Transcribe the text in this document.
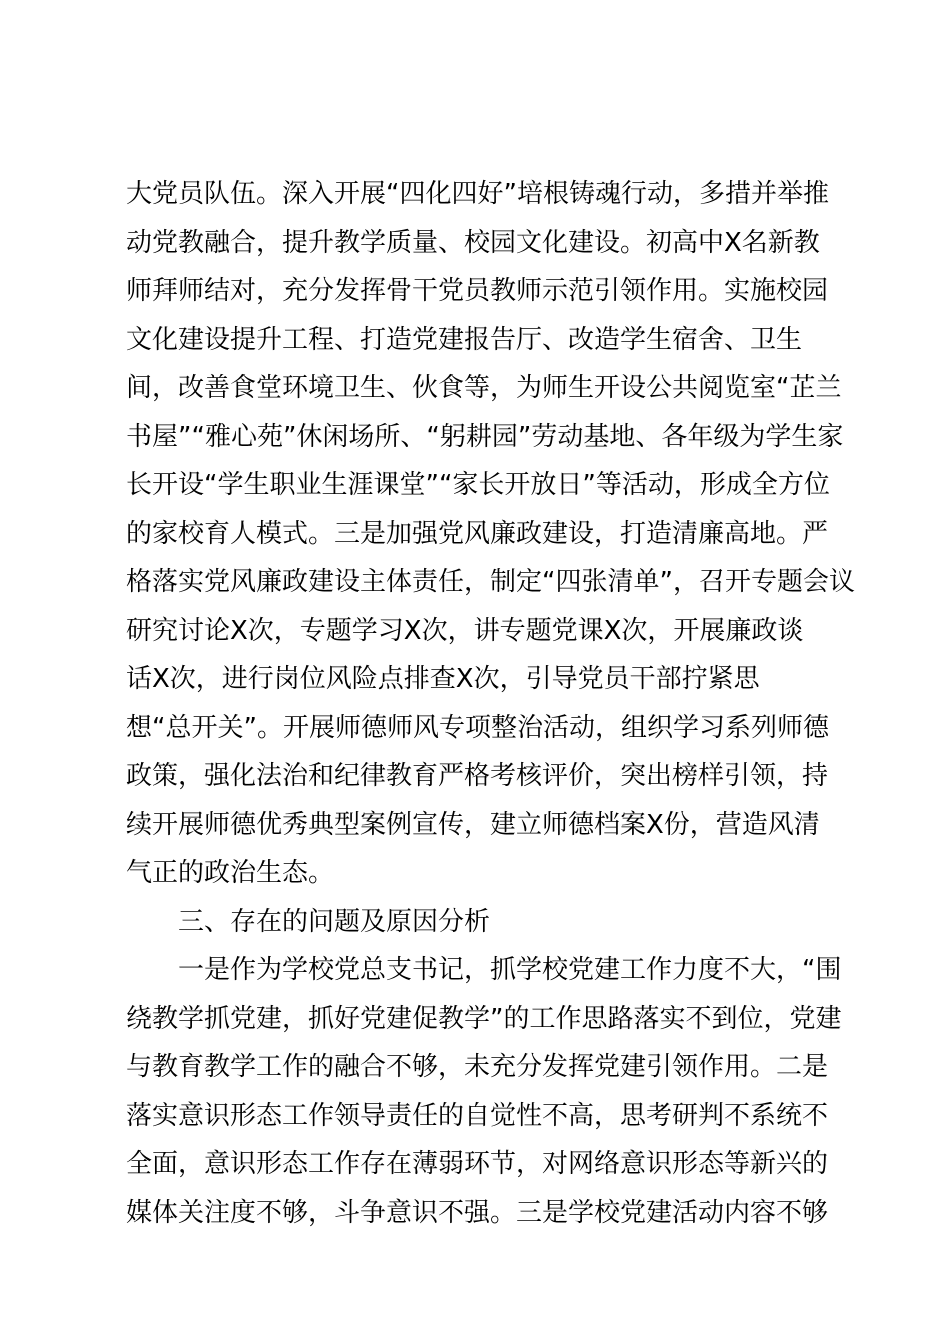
大党员队伍。深入开展“四化四好”培根铸魂行动，多措并举推
动党教融合，提升教学质量、校园文化建设。初高中X名新教
师拜师结对，充分发挥骨干党员教师示范引领作用。实施校园
文化建设提升工程、打造党建报告厅、改造学生宿舍、卫生
间，改善食堂环境卫生、伙食等，为师生开设公共阅览室“芷兰
书屋”“雅心苑”休闲场所、“躬耕园”劳动基地、各年级为学生家
长开设“学生职业生涯课堂”“家长开放日”等活动，形成全方位
的家校育人模式。三是加强党风廉政建设，打造清廉高地。严
格落实党风廉政建设主体责任，制定“四张清单”，召开专题会议
研究讨论X次，专题学习X次，讲专题党课X次，开展廉政谈
话X次，进行岗位风险点排查X次，引导党员干部拧紧思
想“总开关”。开展师德师风专项整治活动，组织学习系列师德
政策，强化法治和纪律教育严格考核评价，突出榜样引领，持
续开展师德优秀典型案例宣传，建立师德档案X份，营造风清
气正的政治生态。
三、存在的问题及原因分析
一是作为学校党总支书记，抓学校党建工作力度不大，“围
绕教学抓党建，抓好党建促教学”的工作思路落实不到位，党建
与教育教学工作的融合不够，未充分发挥党建引领作用。二是
落实意识形态工作领导责任的自觉性不高，思考研判不系统不
全面，意识形态工作存在薄弱环节，对网络意识形态等新兴的
媒体关注度不够，斗争意识不强。三是学校党建活动内容不够
